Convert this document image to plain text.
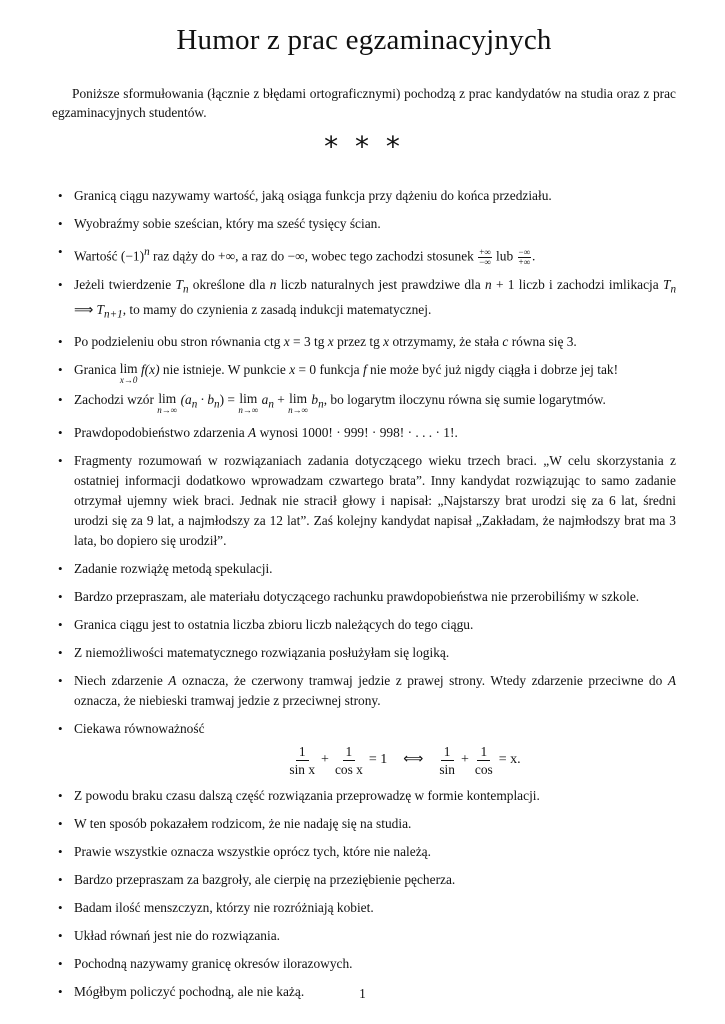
Humor z prac egzaminacyjnych

Poniższe sformułowania (łącznie z błędami ortograficznymi) pochodzą z prac kandydatów na studia oraz z prac egzaminacyjnych studentów.

* * *
• Granicą ciągu nazywamy wartość, jaką osiąga funkcja przy dążeniu do końca przedziału.
• Wyobraźmy sobie sześcian, który ma sześć tysięcy ścian.
• Wartość $(-1)^n$ raz dąży do +∞, a raz do −∞, wobec tego zachodzi stosunek $\frac{+\infty}{-\infty}$ lub $\frac{-\infty}{+\infty}$ .
• Jeżeli twierdzenie $T_n$ określone dla n liczb naturalnych jest prawdziwe dla n + 1 liczb i zachodzi imlikacja $T_n$ ⟹ $T_{n+1}$, to mamy do czynienia z zasadą indukcji matematycznej.
• Po podzieleniu obu stron równania ctg x = 3 tg x przez tg x otrzymamy, że stała c równa się 3.
• Granica lim
x→0
f(x) nie istnieje. W punkcie x = 0 funkcja f nie może być już nigdy ciągła i dobrze jej tak!
• Zachodzi wzór lim
n→∞
$(a_n \cdot b_n) = \lim$
n→∞
$a_n + \lim$
n→∞
$b_n$, bo logarytm iloczynu równa się sumie logarytmów.
• Prawdopodobieństwo zdarzenia A wynosi 1000! · 999! · 998! · . . . · 1!.
• Fragmenty rozumowań w rozwiązaniach zadania dotyczącego wieku trzech braci. „W celu skorzystania z ostatniej informacji dodatkowo wprowadzam czwartego brata”. Inny kandydat rozwiązując to samo zadanie otrzymał ujemny wiek braci. Jednak nie stracił głowy i napisał: „Najstarszy brat urodzi się za 6 lat, średni urodzi się za 9 lat, a najmłodszy za 12 lat”. Zaś kolejny kandydat napisał „Zakładam, że najmłodszy brat ma 3 lata, bo dopiero się urodził”.
• Zadanie rozwiążę metodą spekulacji.
• Bardzo przepraszam, ale materiału dotyczącego rachunku prawdopobieństwa nie przerobiliśmy w szkole.
• Granica ciągu jest to ostatnia liczba zbioru liczb należących do tego ciągu.
• Z niemożliwości matematycznego rozwiązania posłużyłam się logiką.
• Niech zdarzenie A oznacza, że czerwony tramwaj jedzie z prawej strony. Wtedy zdarzenie przeciwne do A oznacza, że niebieski tramwaj jedzie z przeciwnej strony.
• Ciekawa równoważność
$\frac{1}{\text{sin x}} + \frac{1}{\text{cos x}} = 1$ ⟺ $\frac{1}{\sin} + \frac{1}{\cos} = x$.
• Z powodu braku czasu dalszą część rozwiązania przeprowadzę w formie kontemplacji.
• W ten sposób pokazałem rodzicom, że nie nadaję się na studia.
• Prawie wszystkie oznacza wszystkie oprócz tych, które nie należą.
• Bardzo przepraszam za bazgroły, ale cierpię na przeziębienie pęcherza.
• Badam ilość menszczyzn, którzy nie rozróżniają kobiet.
• Układ równań jest nie do rozwiązania.
• Pochodną nazywamy granicę okresów ilorazowych.
• Mógłbym policzyć pochodną, ale nie każą.	1
